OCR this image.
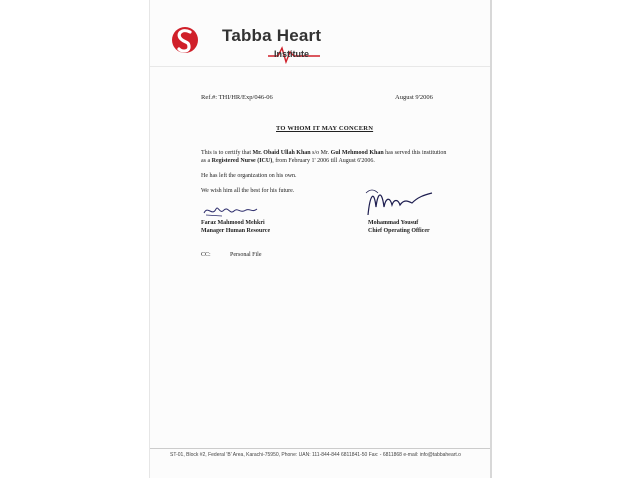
Tabba Heart
Institute
Ref.#: THI/HR/Exp/046-06	August 9'2006
TO WHOM IT MAY CONCERN
This is to certify that Mr. Obaid Ullah Khan s/o Mr. Gul Mehmood Khan has served this institution as a Registered Nurse (ICU), from February 1' 2006 till August 6'2006.
He has left the organization on his own.
We wish him all the best for his future.
Faraz Mahmood Mehkri
Manager Human Resource
Mohammad Yousuf
Chief Operating Officer
CC:	Personal File
ST-01, Block #2, Federal 'B' Area, Karachi-75950, Phone: UAN: 111-844-844 6811841-50 Fax: - 6811868 e-mail: info@tabbaheart.o
